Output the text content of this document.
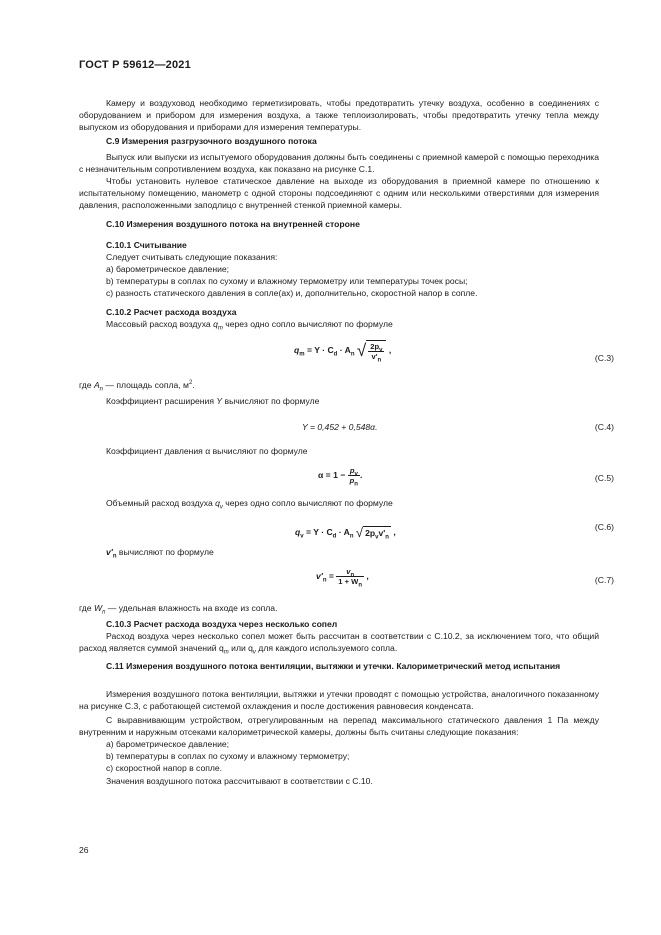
ГОСТ Р 59612—2021
Камеру и воздуховод необходимо герметизировать, чтобы предотвратить утечку воздуха, особенно в соединениях с оборудованием и прибором для измерения воздуха, а также теплоизолировать, чтобы предотвратить утечку тепла между выпуском из оборудования и приборами для измерения температуры.
С.9 Измерения разгрузочного воздушного потока
Выпуск или выпуски из испытуемого оборудования должны быть соединены с приемной камерой с помощью переходника с незначительным сопротивлением воздуха, как показано на рисунке С.1.
Чтобы установить нулевое статическое давление на выходе из оборудования в приемной камере по отношению к испытательному помещению, манометр с одной стороны подсоединяют с одним или несколькими отверстиями для измерения давления, расположенными заподлицо с внутренней стенкой приемной камеры.
С.10 Измерения воздушного потока на внутренней стороне
С.10.1 Считывание
Следует считывать следующие показания:
а) барометрическое давление;
b) температуры в соплах по сухому и влажному термометру или температуры точек росы;
c) разность статического давления в сопле(ах) и, дополнительно, скоростной напор в сопле.
С.10.2 Расчет расхода воздуха
Массовый расход воздуха $q_m$ через одно сопло вычисляют по формуле
$q_m = Y \cdot C_d \cdot A_n$ √ $\frac{2p_v}{v'_n}$ ,
(С.3)
где $A_n$ — площадь сопла, $м^2$.
Коэффициент расширения Y вычисляют по формуле
Y = 0,452 + 0,548α.	(С.4)
Коэффициент давления α вычисляют по формуле
$\alpha = 1 - \frac{p_v}{p_n}$ .	(С.5)
Объемный расход воздуха $q_v$ через одно сопло вычисляют по формуле
$q_v = Y \cdot C_d \cdot A_n$ √ $2p_vv'_n$ ,	(С.6)
$v'_n$ вычисляют по формуле
$v'_n = \frac{v_n}{1 + W_n}$ ,	(С.7)
где $W_n$ — удельная влажность на входе из сопла.
С.10.3 Расчет расхода воздуха через несколько сопел
Расход воздуха через несколько сопел может быть рассчитан в соответствии с С.10.2, за исключением того, что общий расход является суммой значений $q_m$ или $q_v$ для каждого используемого сопла.
С.11 Измерения воздушного потока вентиляции, вытяжки и утечки. Калориметрический метод испытания
Измерения воздушного потока вентиляции, вытяжки и утечки проводят с помощью устройства, аналогичного показанному на рисунке С.3, с работающей системой охлаждения и после достижения равновесия конденсата.
С выравнивающим устройством, отрегулированным на перепад максимального статического давления 1 Па между внутренним и наружным отсеками калориметрической камеры, должны быть считаны следующие показания:
а) барометрическое давление;
b) температуры в соплах по сухому и влажному термометру;
c) скоростной напор в сопле.
Значения воздушного потока рассчитывают в соответствии с С.10.
26
